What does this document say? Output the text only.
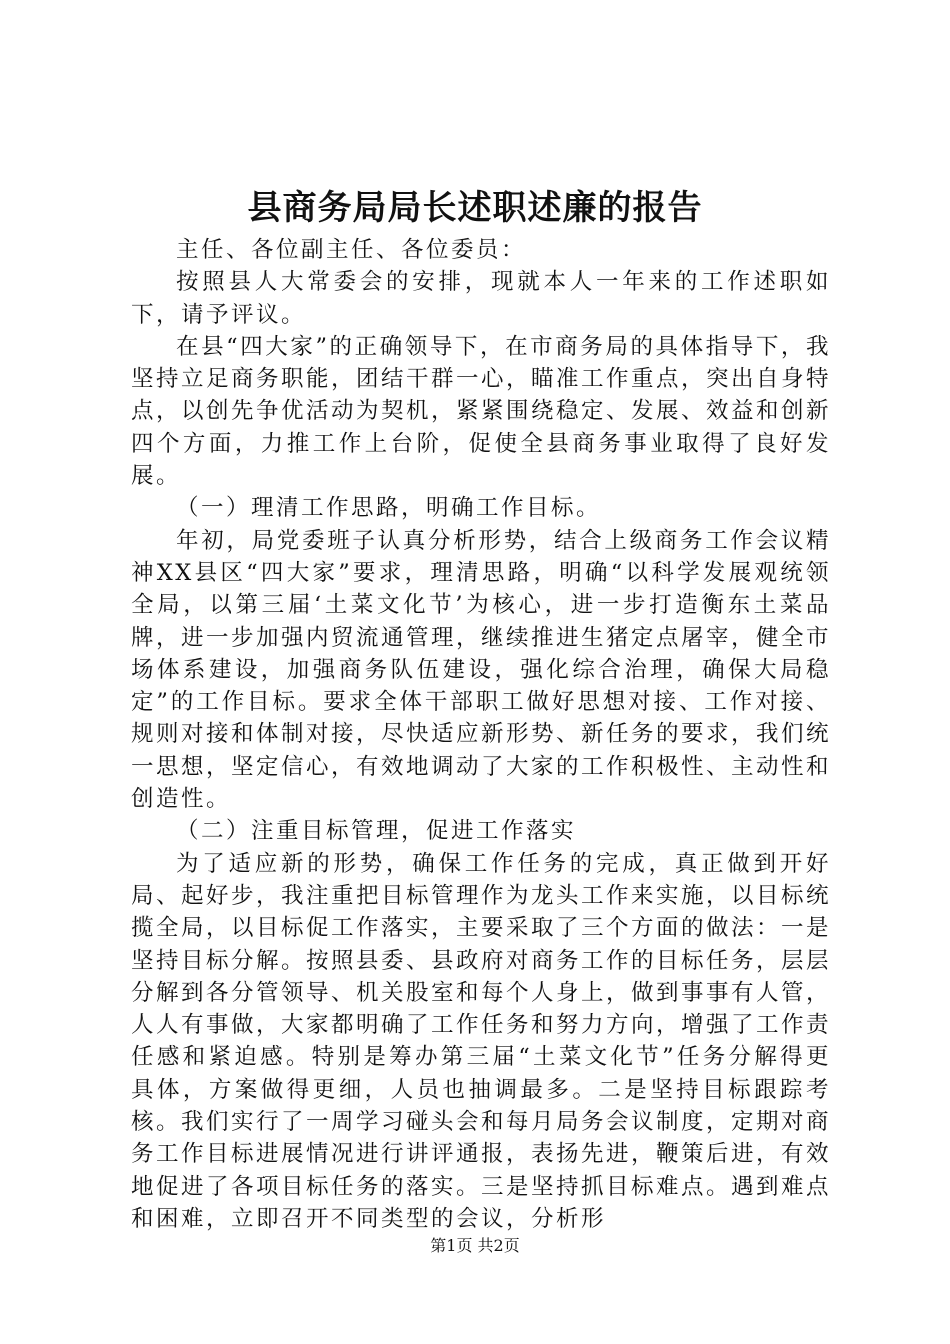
县商务局局长述职述廉的报告

主任、各位副主任、各位委员：

按照县人大常委会的安排，现就本人一年来的工作述职如下，请予评议。

在县“四大家”的正确领导下，在市商务局的具体指导下，我坚持立足商务职能，团结干群一心，瞄准工作重点，突出自身特点，以创先争优活动为契机，紧紧围绕稳定、发展、效益和创新四个方面，力推工作上台阶，促使全县商务事业取得了良好发展。

（一）理清工作思路，明确工作目标。

年初，局党委班子认真分析形势，结合上级商务工作会议精神XX县区“四大家”要求，理清思路，明确“以科学发展观统领全局，以第三届‘土菜文化节’为核心，进一步打造衡东土菜品牌，进一步加强内贸流通管理，继续推进生猪定点屠宰，健全市场体系建设，加强商务队伍建设，强化综合治理，确保大局稳定”的工作目标。要求全体干部职工做好思想对接、工作对接、规则对接和体制对接，尽快适应新形势、新任务的要求，我们统一思想，坚定信心，有效地调动了大家的工作积极性、主动性和创造性。

（二）注重目标管理，促进工作落实

为了适应新的形势，确保工作任务的完成，真正做到开好局、起好步，我注重把目标管理作为龙头工作来实施，以目标统揽全局，以目标促工作落实，主要采取了三个方面的做法：一是坚持目标分解。按照县委、县政府对商务工作的目标任务，层层分解到各分管领导、机关股室和每个人身上，做到事事有人管，人人有事做，大家都明确了工作任务和努力方向，增强了工作责任感和紧迫感。特别是筹办第三届“土菜文化节”任务分解得更具体，方案做得更细，人员也抽调最多。二是坚持目标跟踪考核。我们实行了一周学习碰头会和每月局务会议制度，定期对商务工作目标进展情况进行讲评通报，表扬先进，鞭策后进，有效地促进了各项目标任务的落实。三是坚持抓目标难点。遇到难点和困难，立即召开不同类型的会议，分析形

第1页 共2页
